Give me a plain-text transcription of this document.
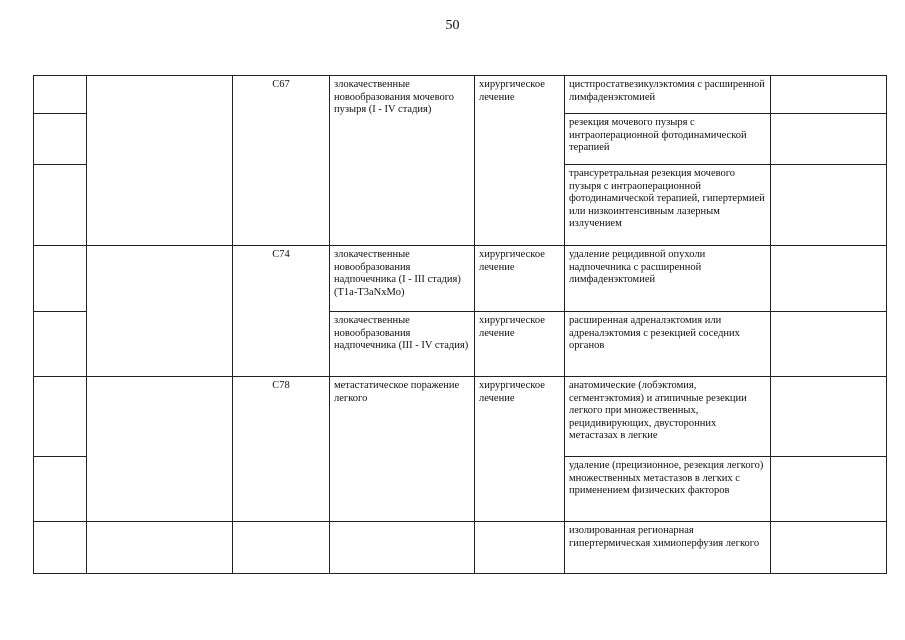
50
		C67	злокачественные новообразования мочевого пузыря (I - IV стадия)	хирургическое лечение	цистпростатвезикулэктомия с расширенной лимфаденэктомией	
					резекция мочевого пузыря с интраоперационной фотодинамической терапией	
					трансуретральная резекция мочевого пузыря с интраоперационной фотодинамической терапией, гипертермией или низкоинтенсивным лазерным излучением	
		C74	злокачественные новообразования надпочечника (I - III стадия) (T1a-T3aNxMo)	хирургическое лечение	удаление рецидивной опухоли надпочечника с расширенной лимфаденэктомией	
			злокачественные новообразования надпочечника (III - IV стадия)	хирургическое лечение	расширенная адреналэктомия или адреналэктомия с резекцией соседних органов	
		C78	метастатическое поражение легкого	хирургическое лечение	анатомические (лобэктомия, сегментэктомия) и атипичные резекции легкого при множественных, рецидивирующих, двусторонних метастазах в легкие	
					удаление (прецизионное, резекция легкого) множественных метастазов в легких с применением физических факторов	
					изолированная регионарная гипертермическая химиоперфузия легкого	
